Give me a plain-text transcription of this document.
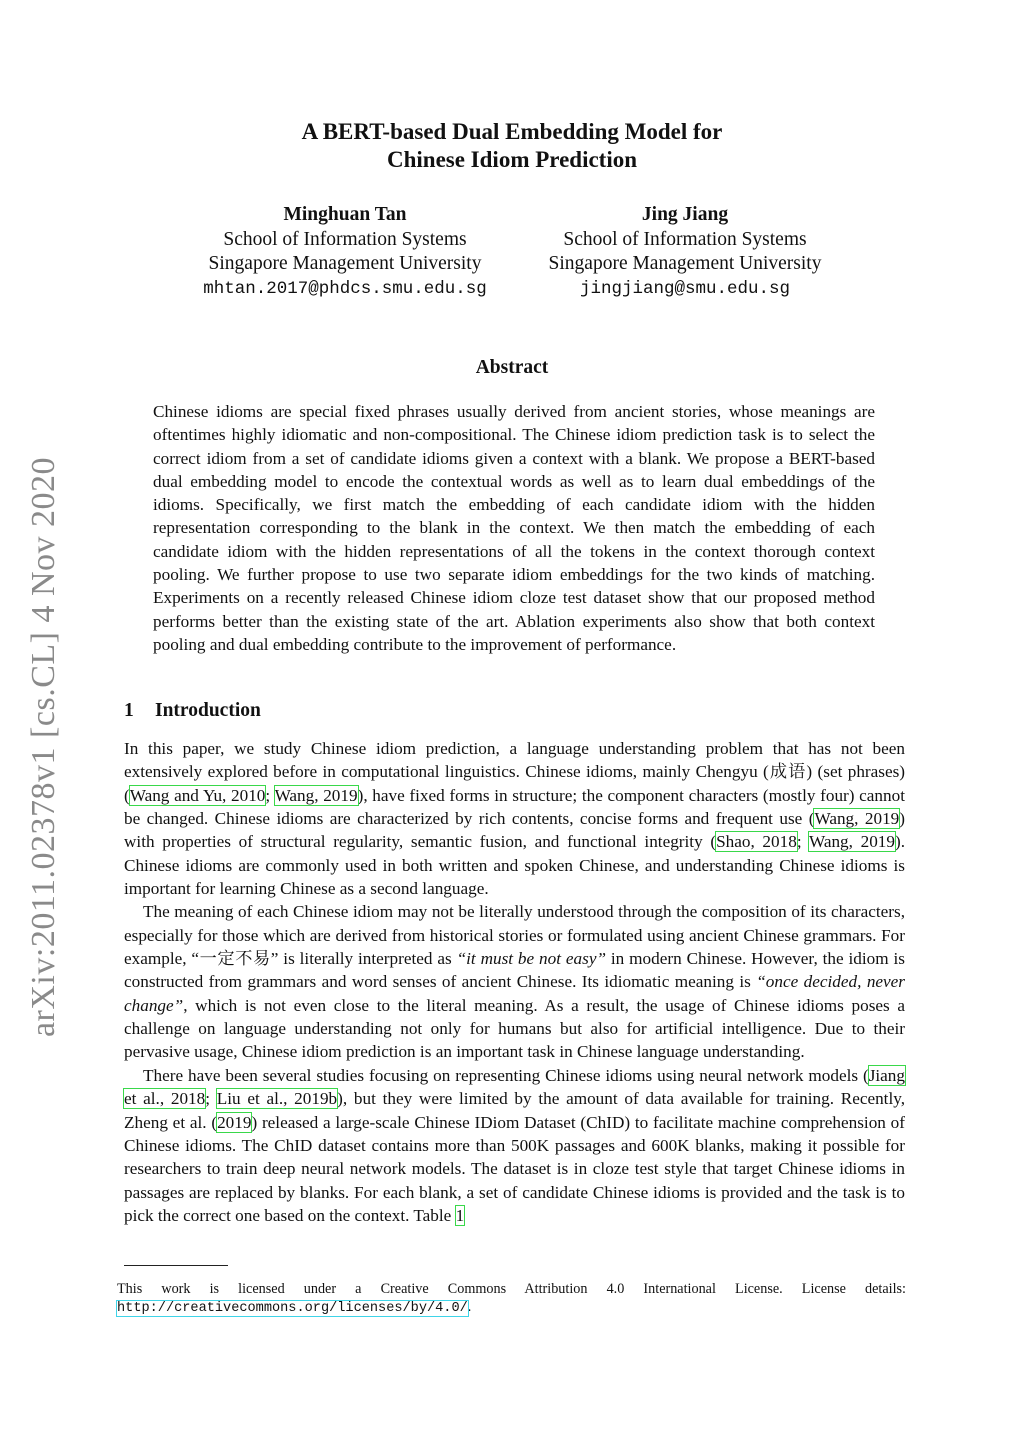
arXiv:2011.02378v1 [cs.CL] 4 Nov 2020
A BERT-based Dual Embedding Model for
Chinese Idiom Prediction
Minghuan Tan
School of Information Systems
Singapore Management University
mhtan.2017@phdcs.smu.edu.sg
Jing Jiang
School of Information Systems
Singapore Management University
jingjiang@smu.edu.sg
Abstract
Chinese idioms are special fixed phrases usually derived from ancient stories, whose meanings are oftentimes highly idiomatic and non-compositional. The Chinese idiom prediction task is to select the correct idiom from a set of candidate idioms given a context with a blank. We propose a BERT-based dual embedding model to encode the contextual words as well as to learn dual embeddings of the idioms. Specifically, we first match the embedding of each candidate idiom with the hidden representation corresponding to the blank in the context. We then match the embedding of each candidate idiom with the hidden representations of all the tokens in the context thorough context pooling. We further propose to use two separate idiom embeddings for the two kinds of matching. Experiments on a recently released Chinese idiom cloze test dataset show that our proposed method performs better than the existing state of the art. Ablation experiments also show that both context pooling and dual embedding contribute to the improvement of performance.
1 Introduction

In this paper, we study Chinese idiom prediction, a language understanding problem that has not been extensively explored before in computational linguistics. Chinese idioms, mainly Chengyu (成语) (set phrases) (Wang and Yu, 2010; Wang, 2019), have fixed forms in structure; the component characters (mostly four) cannot be changed. Chinese idioms are characterized by rich contents, concise forms and frequent use (Wang, 2019) with properties of structural regularity, semantic fusion, and functional integrity (Shao, 2018; Wang, 2019). Chinese idioms are commonly used in both written and spoken Chinese, and understanding Chinese idioms is important for learning Chinese as a second language.

The meaning of each Chinese idiom may not be literally understood through the composition of its characters, especially for those which are derived from historical stories or formulated using ancient Chinese grammars. For example, “一定不易” is literally interpreted as “it must be not easy” in modern Chinese. However, the idiom is constructed from grammars and word senses of ancient Chinese. Its idiomatic meaning is “once decided, never change”, which is not even close to the literal meaning. As a result, the usage of Chinese idioms poses a challenge on language understanding not only for humans but also for artificial intelligence. Due to their pervasive usage, Chinese idiom prediction is an important task in Chinese language understanding.

There have been several studies focusing on representing Chinese idioms using neural network models (Jiang et al., 2018; Liu et al., 2019b), but they were limited by the amount of data available for training. Recently, Zheng et al. (2019) released a large-scale Chinese IDiom Dataset (ChID) to facilitate machine comprehension of Chinese idioms. The ChID dataset contains more than 500K passages and 600K blanks, making it possible for researchers to train deep neural network models. The dataset is in cloze test style that target Chinese idioms in passages are replaced by blanks. For each blank, a set of candidate Chinese idioms is provided and the task is to pick the correct one based on the context. Table 1

This work is licensed under a Creative Commons Attribution 4.0 International License. License details: http://creativecommons.org/licenses/by/4.0/.
